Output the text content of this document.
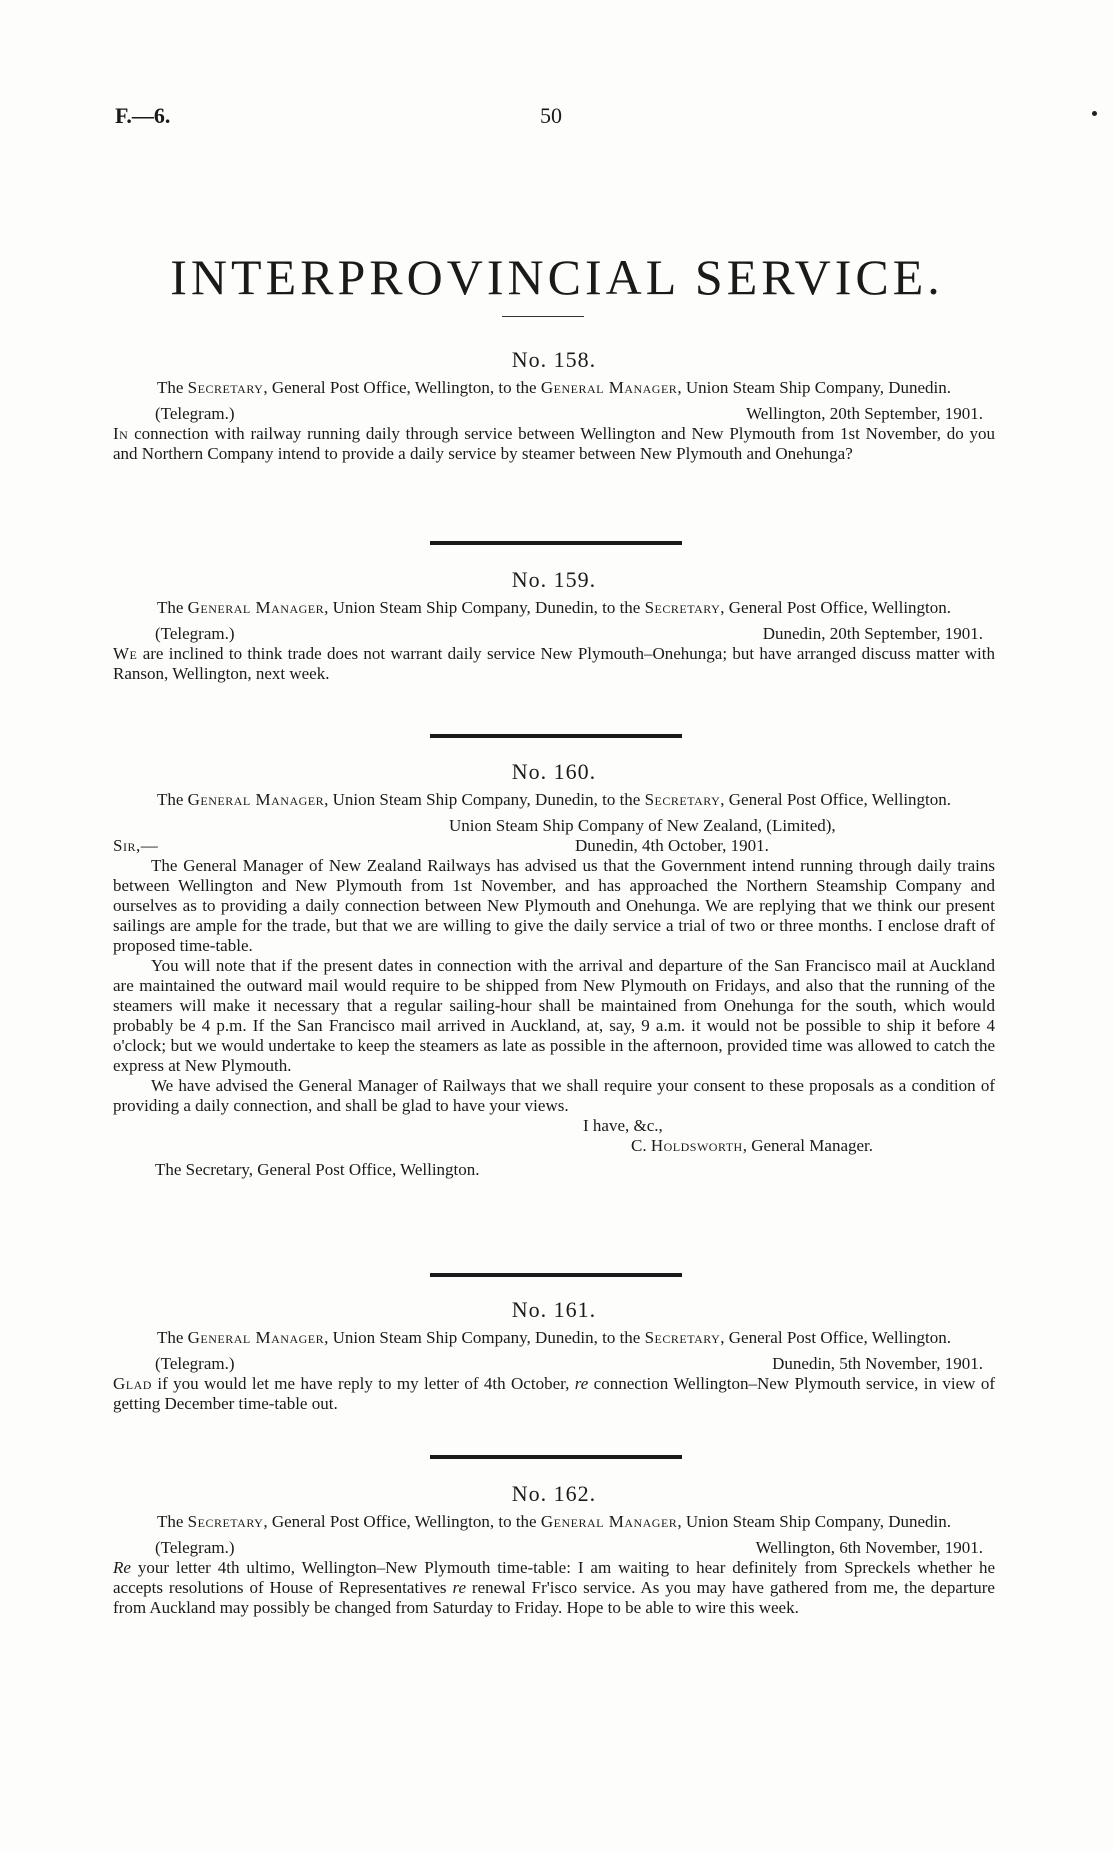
F.—6.	50
INTERPROVINCIAL SERVICE.
No. 158.
The Secretary, General Post Office, Wellington, to the General Manager, Union Steam Ship Company, Dunedin.
(Telegram.)	Wellington, 20th September, 1901.
In connection with railway running daily through service between Wellington and New Plymouth from 1st November, do you and Northern Company intend to provide a daily service by steamer between New Plymouth and Onehunga?
No. 159.
The General Manager, Union Steam Ship Company, Dunedin, to the Secretary, General Post Office, Wellington.
(Telegram.)	Dunedin, 20th September, 1901.
We are inclined to think trade does not warrant daily service New Plymouth–Onehunga; but have arranged discuss matter with Ranson, Wellington, next week.
No. 160.
The General Manager, Union Steam Ship Company, Dunedin, to the Secretary, General Post Office, Wellington.
Union Steam Ship Company of New Zealand, (Limited),
Sir,—	Dunedin, 4th October, 1901.
The General Manager of New Zealand Railways has advised us that the Government intend running through daily trains between Wellington and New Plymouth from 1st November, and has approached the Northern Steamship Company and ourselves as to providing a daily connection between New Plymouth and Onehunga. We are replying that we think our present sailings are ample for the trade, but that we are willing to give the daily service a trial of two or three months. I enclose draft of proposed time-table.
You will note that if the present dates in connection with the arrival and departure of the San Francisco mail at Auckland are maintained the outward mail would require to be shipped from New Plymouth on Fridays, and also that the running of the steamers will make it necessary that a regular sailing-hour shall be maintained from Onehunga for the south, which would probably be 4 p.m. If the San Francisco mail arrived in Auckland, at, say, 9 a.m. it would not be possible to ship it before 4 o'clock; but we would undertake to keep the steamers as late as possible in the afternoon, provided time was allowed to catch the express at New Plymouth.
We have advised the General Manager of Railways that we shall require your consent to these proposals as a condition of providing a daily connection, and shall be glad to have your views.
I have, &c.,
C. Holdsworth, General Manager.
The Secretary, General Post Office, Wellington.
No. 161.
The General Manager, Union Steam Ship Company, Dunedin, to the Secretary, General Post Office, Wellington.
(Telegram.)	Dunedin, 5th November, 1901.
Glad if you would let me have reply to my letter of 4th October, re connection Wellington–New Plymouth service, in view of getting December time-table out.
No. 162.
The Secretary, General Post Office, Wellington, to the General Manager, Union Steam Ship Company, Dunedin.
(Telegram.)	Wellington, 6th November, 1901.
Re your letter 4th ultimo, Wellington–New Plymouth time-table: I am waiting to hear definitely from Spreckels whether he accepts resolutions of House of Representatives re renewal Fr'isco service. As you may have gathered from me, the departure from Auckland may possibly be changed from Saturday to Friday. Hope to be able to wire this week.
